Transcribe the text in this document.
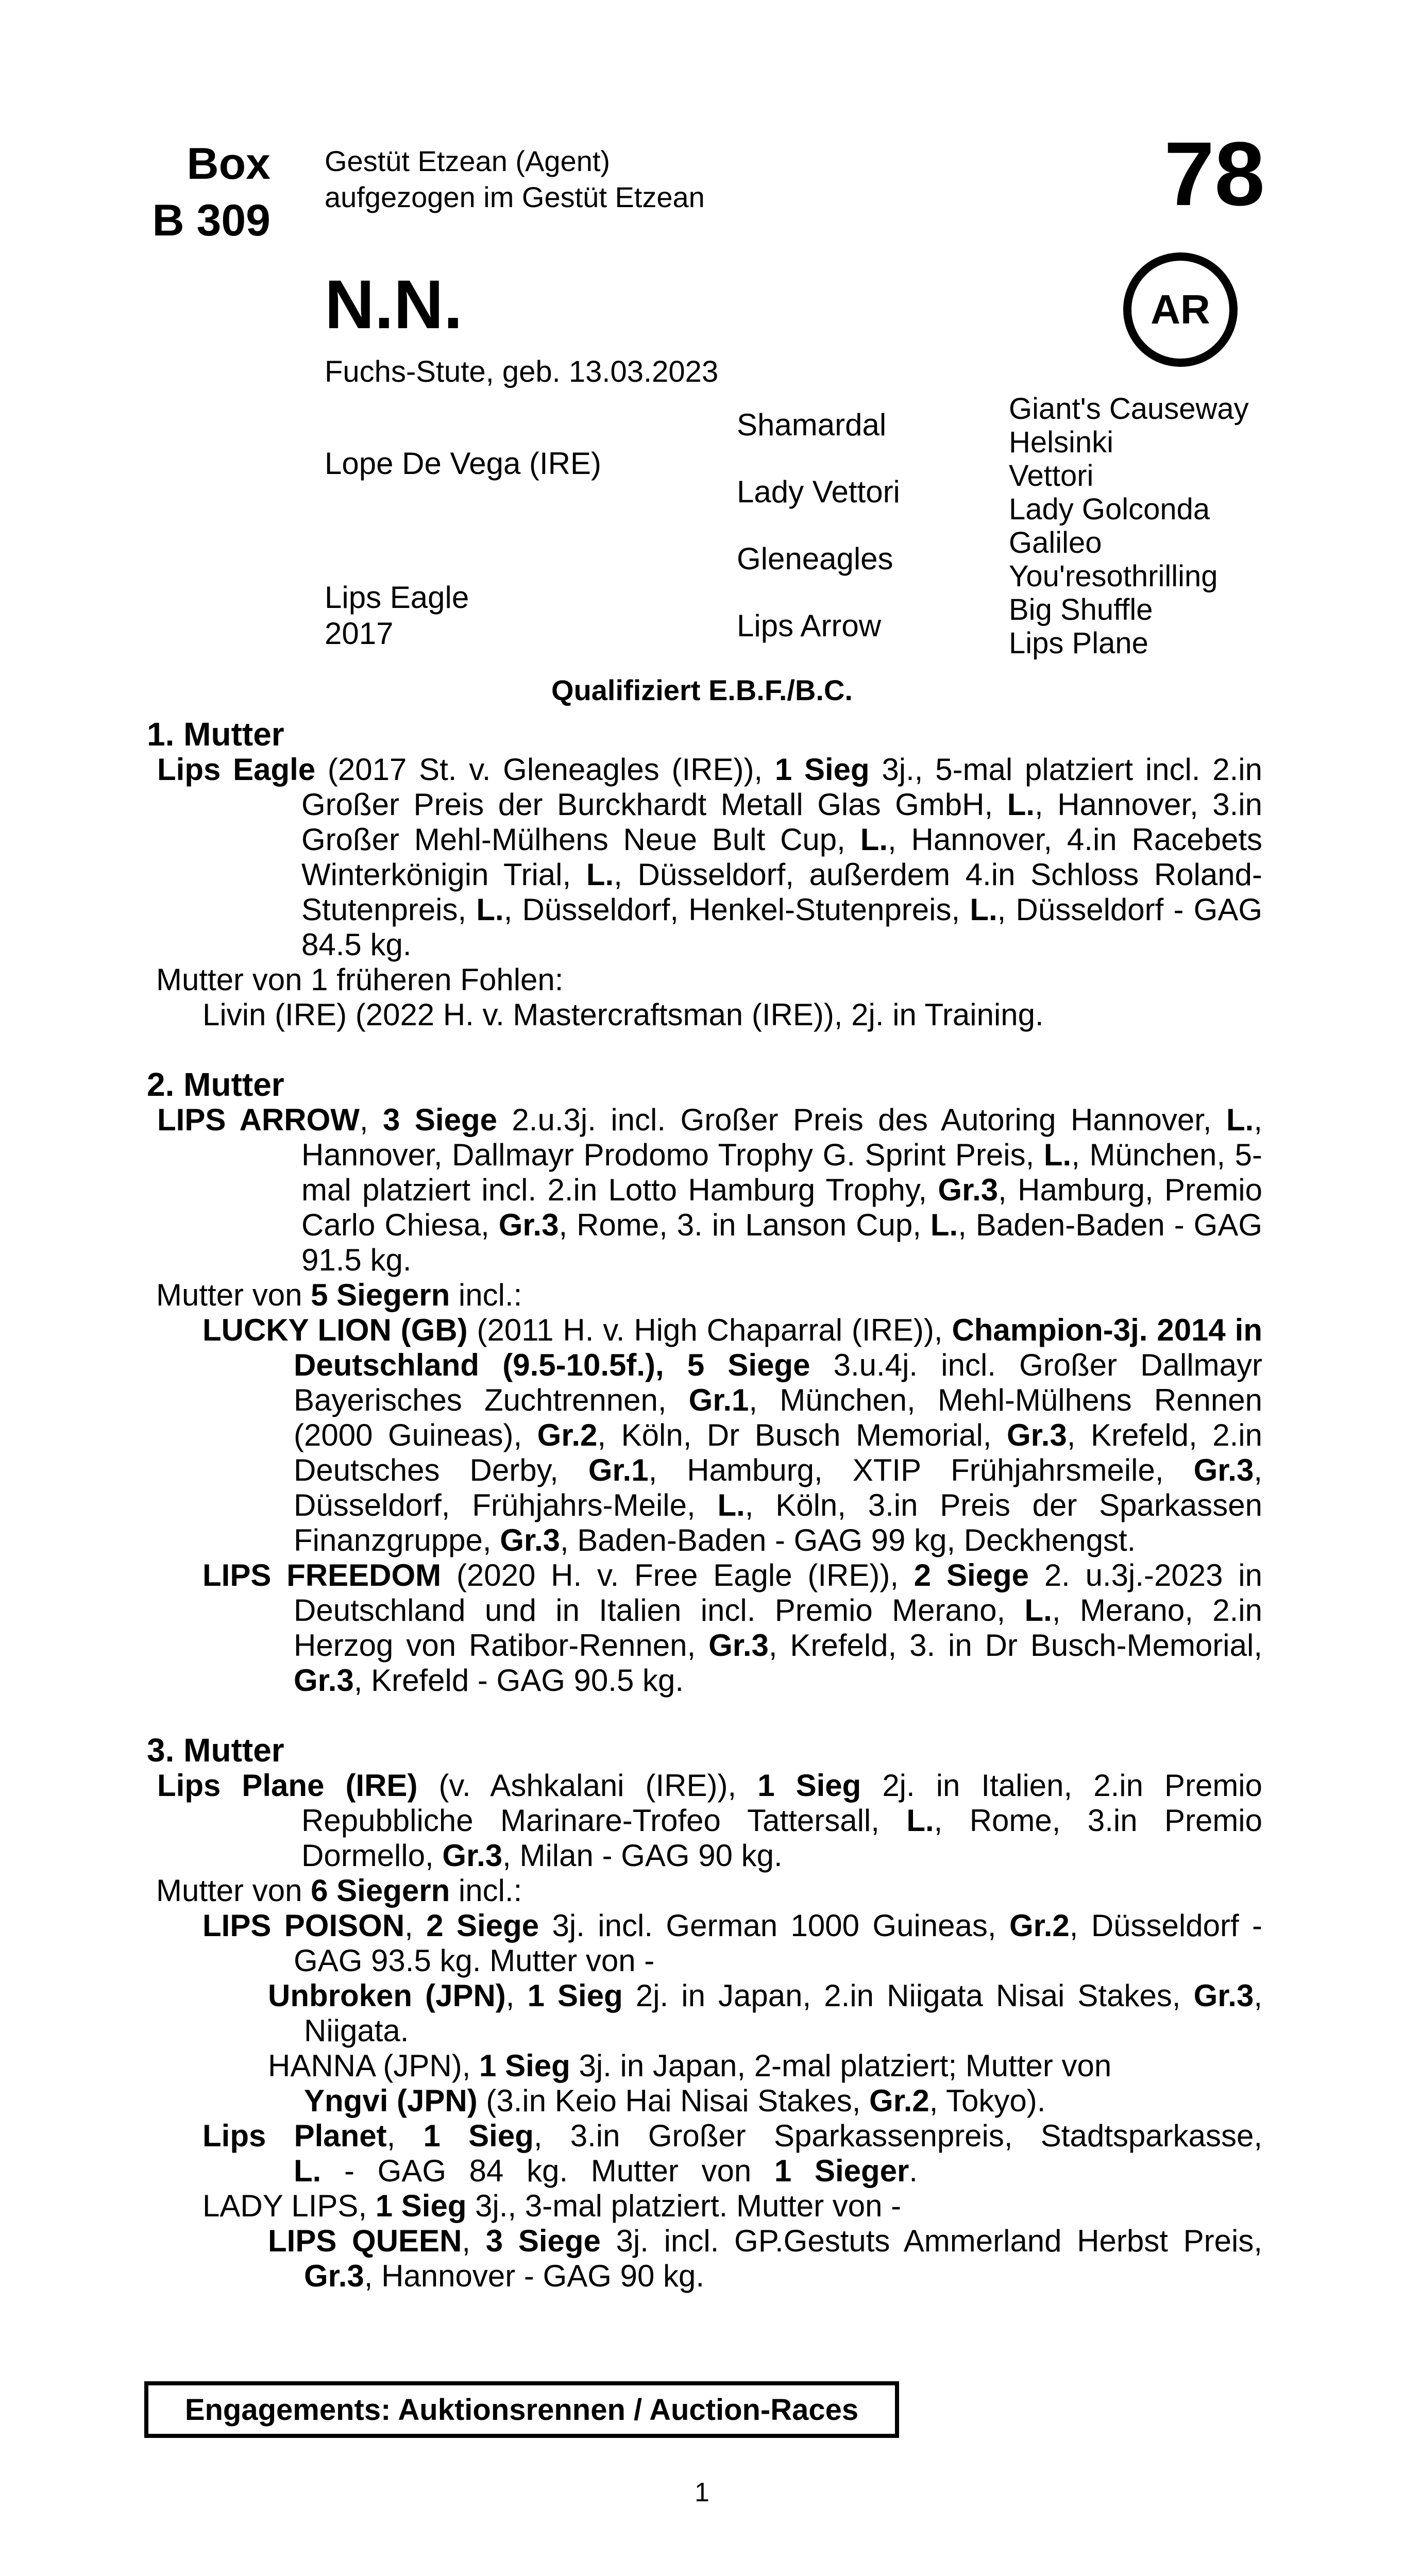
Box
B 309
Gestüt Etzean (Agent)
aufgezogen im Gestüt Etzean	78
AR
N.N.
Fuchs-Stute, geb. 13.03.2023
Lope De Vega (IRE)
Lips Eagle
2017
Shamardal
Lady Vettori
Gleneagles
Lips Arrow
Giant's Causeway
Helsinki
Vettori
Lady Golconda
Galileo
You'resothrilling
Big Shuffle
Lips Plane
Qualifiziert E.B.F./B.C.
1. Mutter
Lips Eagle (2017 St. v. Gleneagles (IRE)), 1 Sieg 3j., 5-mal platziert incl. 2.in Großer Preis der Burckhardt Metall Glas GmbH, L., Hannover, 3.in Großer Mehl-Mülhens Neue Bult Cup, L., Hannover, 4.in Racebets Winterkönigin Trial, L., Düsseldorf, außerdem 4.in Schloss Roland-Stutenpreis, L., Düsseldorf, Henkel-Stutenpreis, L., Düsseldorf - GAG 84.5 kg.
Mutter von 1 früheren Fohlen:
Livin (IRE) (2022 H. v. Mastercraftsman (IRE)), 2j. in Training.
2. Mutter
LIPS ARROW, 3 Siege 2.u.3j. incl. Großer Preis des Autoring Hannover, L., Hannover, Dallmayr Prodomo Trophy G. Sprint Preis, L., München, 5-mal platziert incl. 2.in Lotto Hamburg Trophy, Gr.3, Hamburg, Premio Carlo Chiesa, Gr.3, Rome, 3. in Lanson Cup, L., Baden-Baden - GAG 91.5 kg.
Mutter von 5 Siegern incl.:
LUCKY LION (GB) (2011 H. v. High Chaparral (IRE)), Champion-3j. 2014 in Deutschland (9.5-10.5f.), 5 Siege 3.u.4j. incl. Großer Dallmayr Bayerisches Zuchtrennen, Gr.1, München, Mehl-Mülhens Rennen (2000 Guineas), Gr.2, Köln, Dr Busch Memorial, Gr.3, Krefeld, 2.in Deutsches Derby, Gr.1, Hamburg, XTIP Frühjahrsmeile, Gr.3, Düsseldorf, Frühjahrs-Meile, L., Köln, 3.in Preis der Sparkassen Finanzgruppe, Gr.3, Baden-Baden - GAG 99 kg, Deckhengst.
LIPS FREEDOM (2020 H. v. Free Eagle (IRE)), 2 Siege 2. u.3j.-2023 in Deutschland und in Italien incl. Premio Merano, L., Merano, 2.in Herzog von Ratibor-Rennen, Gr.3, Krefeld, 3. in Dr Busch-Memorial, Gr.3, Krefeld - GAG 90.5 kg.
3. Mutter
Lips Plane (IRE) (v. Ashkalani (IRE)), 1 Sieg 2j. in Italien, 2.in Premio Repubbliche Marinare-Trofeo Tattersall, L., Rome, 3.in Premio Dormello, Gr.3, Milan - GAG 90 kg.
Mutter von 6 Siegern incl.:
LIPS POISON, 2 Siege 3j. incl. German 1000 Guineas, Gr.2, Düsseldorf - GAG 93.5 kg. Mutter von -
Unbroken (JPN), 1 Sieg 2j. in Japan, 2.in Niigata Nisai Stakes, Gr.3, Niigata.
HANNA (JPN), 1 Sieg 3j. in Japan, 2-mal platziert; Mutter von
Yngvi (JPN) (3.in Keio Hai Nisai Stakes, Gr.2, Tokyo).
Lips Planet, 1 Sieg, 3.in Großer Sparkassenpreis, Stadtsparkasse, L. - GAG 84 kg. Mutter von 1 Sieger.
LADY LIPS, 1 Sieg 3j., 3-mal platziert. Mutter von -
LIPS QUEEN, 3 Siege 3j. incl. GP.Gestuts Ammerland Herbst Preis, Gr.3, Hannover - GAG 90 kg.
Engagements: Auktionsrennen / Auction-Races
1
